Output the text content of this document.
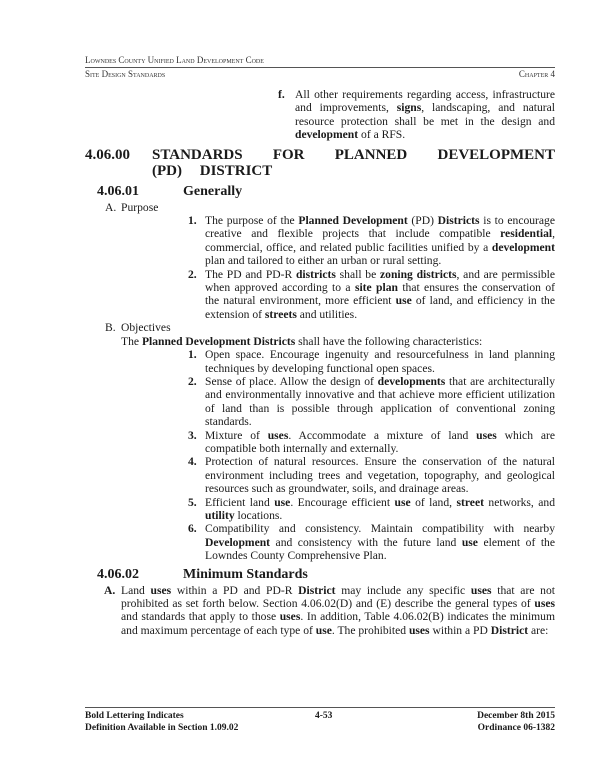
Lowndes County Unified Land Development Code
Site Design Standards	Chapter 4
f. All other requirements regarding access, infrastructure and improvements, signs, landscaping, and natural resource protection shall be met in the design and development of a RFS.
4.06.00	STANDARDS FOR PLANNED DEVELOPMENT (PD) DISTRICT
4.06.01	Generally
A. Purpose
1. The purpose of the Planned Development (PD) Districts is to encourage creative and flexible projects that include compatible residential, commercial, office, and related public facilities unified by a development plan and tailored to either an urban or rural setting.
2. The PD and PD-R districts shall be zoning districts, and are permissible when approved according to a site plan that ensures the conservation of the natural environment, more efficient use of land, and efficiency in the extension of streets and utilities.
B. Objectives
The Planned Development Districts shall have the following characteristics:
1. Open space. Encourage ingenuity and resourcefulness in land planning techniques by developing functional open spaces.
2. Sense of place. Allow the design of developments that are architecturally and environmentally innovative and that achieve more efficient utilization of land than is possible through application of conventional zoning standards.
3. Mixture of uses. Accommodate a mixture of land uses which are compatible both internally and externally.
4. Protection of natural resources. Ensure the conservation of the natural environment including trees and vegetation, topography, and geological resources such as groundwater, soils, and drainage areas.
5. Efficient land use. Encourage efficient use of land, street networks, and utility locations.
6. Compatibility and consistency. Maintain compatibility with nearby Development and consistency with the future land use element of the Lowndes County Comprehensive Plan.
4.06.02	Minimum Standards
A. Land uses within a PD and PD-R District may include any specific uses that are not prohibited as set forth below. Section 4.06.02(D) and (E) describe the general types of uses and standards that apply to those uses. In addition, Table 4.06.02(B) indicates the minimum and maximum percentage of each type of use. The prohibited uses within a PD District are:
Bold Lettering Indicates
Definition Available in Section 1.09.02
4-53	December 8th 2015
Ordinance 06-1382
